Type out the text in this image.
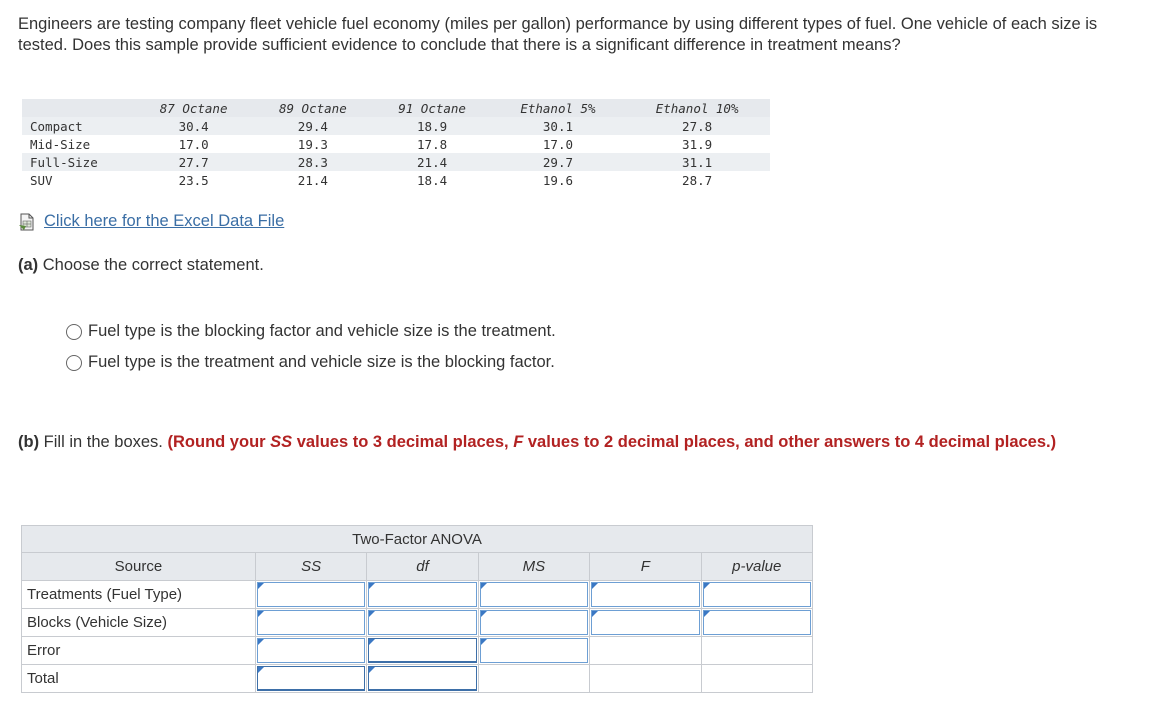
Engineers are testing company fleet vehicle fuel economy (miles per gallon) performance by using different types of fuel. One vehicle of each size is tested. Does this sample provide sufficient evidence to conclude that there is a significant difference in treatment means?

	87 Octane	89 Octane	91 Octane	Ethanol 5%	Ethanol 10%
Compact	30.4	29.4	18.9	30.1	27.8
Mid-Size	17.0	19.3	17.8	17.0	31.9
Full-Size	27.7	28.3	21.4	29.7	31.1
SUV	23.5	21.4	18.4	19.6	28.7
Click here for the Excel Data File
(a) Choose the correct statement.
Fuel type is the blocking factor and vehicle size is the treatment.
Fuel type is the treatment and vehicle size is the blocking factor.
(b) Fill in the boxes. (Round your SS values to 3 decimal places, F values to 2 decimal places, and other answers to 4 decimal places.)
Two-Factor ANOVA					
Source	SS	df	MS	F	p-value
Treatments (Fuel Type)	

Blocks (Vehicle Size)	

Error	

Total	
